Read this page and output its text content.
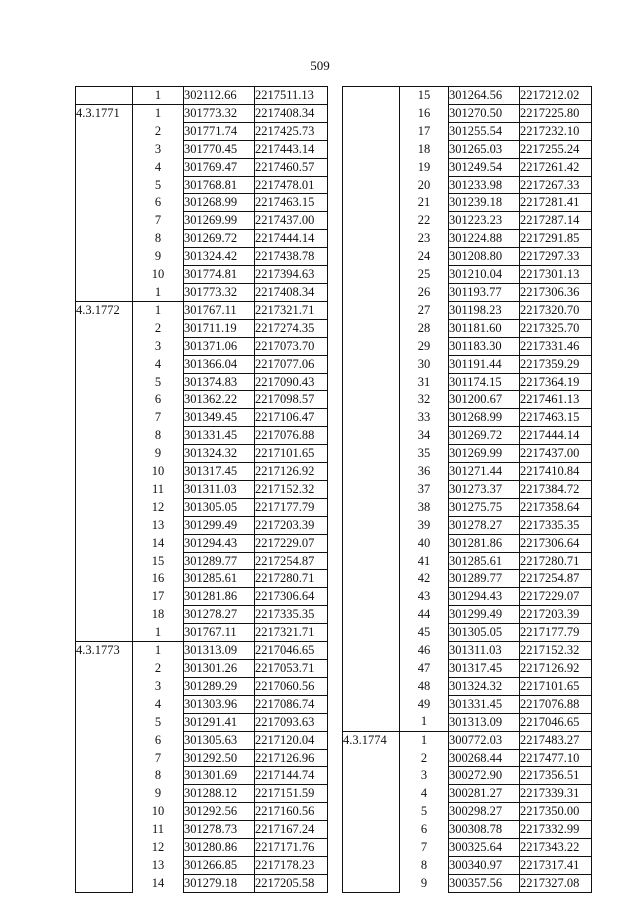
509
	1	302112.66	2217511.13
4.3.1771	1	301773.32	2217408.34
	2	301771.74	2217425.73
	3	301770.45	2217443.14
	4	301769.47	2217460.57
	5	301768.81	2217478.01
	6	301268.99	2217463.15
	7	301269.99	2217437.00
	8	301269.72	2217444.14
	9	301324.42	2217438.78
	10	301774.81	2217394.63
	1	301773.32	2217408.34
4.3.1772	1	301767.11	2217321.71
	2	301711.19	2217274.35
	3	301371.06	2217073.70
	4	301366.04	2217077.06
	5	301374.83	2217090.43
	6	301362.22	2217098.57
	7	301349.45	2217106.47
	8	301331.45	2217076.88
	9	301324.32	2217101.65
	10	301317.45	2217126.92
	11	301311.03	2217152.32
	12	301305.05	2217177.79
	13	301299.49	2217203.39
	14	301294.43	2217229.07
	15	301289.77	2217254.87
	16	301285.61	2217280.71
	17	301281.86	2217306.64
	18	301278.27	2217335.35
	1	301767.11	2217321.71
4.3.1773	1	301313.09	2217046.65
	2	301301.26	2217053.71
	3	301289.29	2217060.56
	4	301303.96	2217086.74
	5	301291.41	2217093.63
	6	301305.63	2217120.04
	7	301292.50	2217126.96
	8	301301.69	2217144.74
	9	301288.12	2217151.59
	10	301292.56	2217160.56
	11	301278.73	2217167.24
	12	301280.86	2217171.76
	13	301266.85	2217178.23
	14	301279.18	2217205.58
	15	301264.56	2217212.02
	16	301270.50	2217225.80
	17	301255.54	2217232.10
	18	301265.03	2217255.24
	19	301249.54	2217261.42
	20	301233.98	2217267.33
	21	301239.18	2217281.41
	22	301223.23	2217287.14
	23	301224.88	2217291.85
	24	301208.80	2217297.33
	25	301210.04	2217301.13
	26	301193.77	2217306.36
	27	301198.23	2217320.70
	28	301181.60	2217325.70
	29	301183.30	2217331.46
	30	301191.44	2217359.29
	31	301174.15	2217364.19
	32	301200.67	2217461.13
	33	301268.99	2217463.15
	34	301269.72	2217444.14
	35	301269.99	2217437.00
	36	301271.44	2217410.84
	37	301273.37	2217384.72
	38	301275.75	2217358.64
	39	301278.27	2217335.35
	40	301281.86	2217306.64
	41	301285.61	2217280.71
	42	301289.77	2217254.87
	43	301294.43	2217229.07
	44	301299.49	2217203.39
	45	301305.05	2217177.79
	46	301311.03	2217152.32
	47	301317.45	2217126.92
	48	301324.32	2217101.65
	49	301331.45	2217076.88
	1	301313.09	2217046.65
4.3.1774	1	300772.03	2217483.27
	2	300268.44	2217477.10
	3	300272.90	2217356.51
	4	300281.27	2217339.31
	5	300298.27	2217350.00
	6	300308.78	2217332.99
	7	300325.64	2217343.22
	8	300340.97	2217317.41
	9	300357.56	2217327.08
